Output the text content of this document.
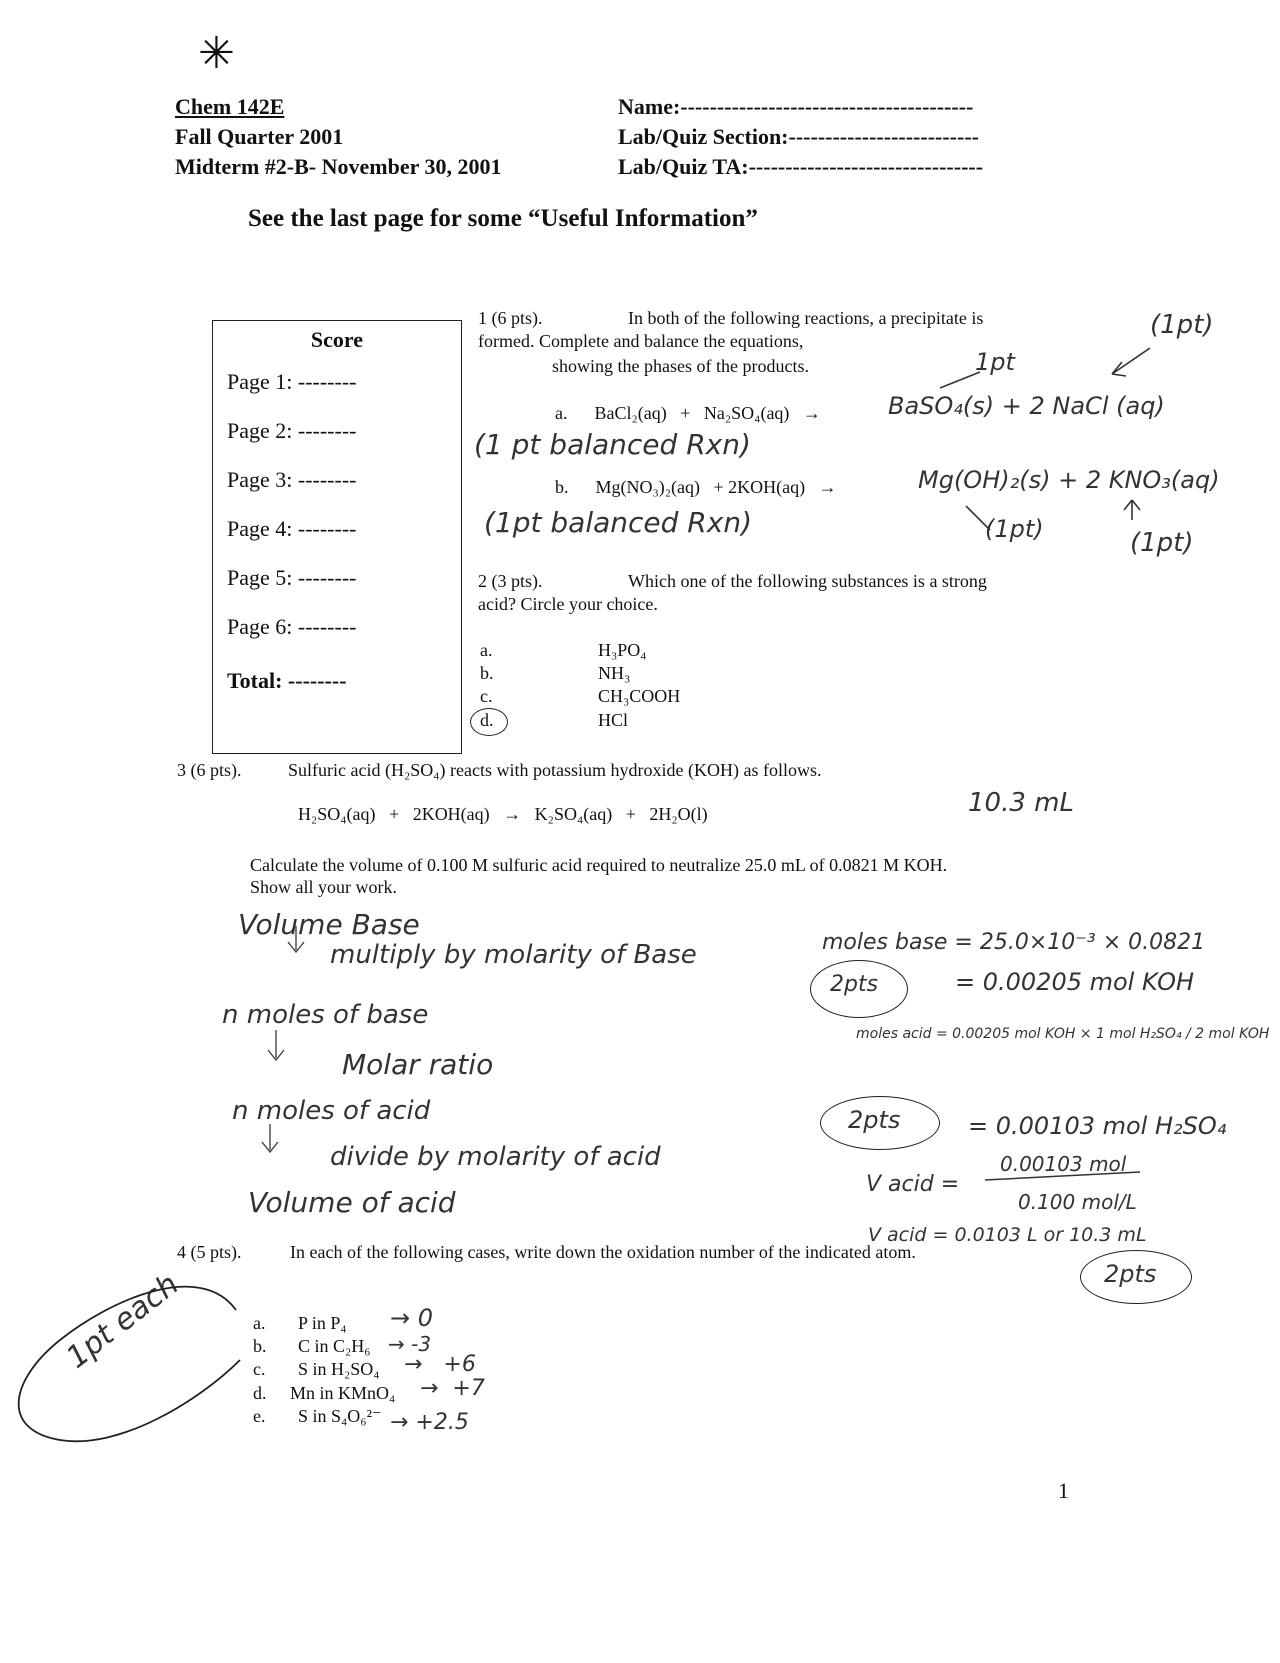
✳
Chem 142E
Fall Quarter 2001
Midterm #2-B- November 30, 2001
Name:----------------------------------------
Lab/Quiz Section:--------------------------
Lab/Quiz TA:--------------------------------
See the last page for some “Useful Information”
Score
Page 1: --------
Page 2: --------
Page 3: --------
Page 4: --------
Page 5: --------
Page 6: --------
Total: --------
1 (6 pts).	In both of the following reactions, a precipitate is
formed. Complete and balance the equations,
showing the phases of the products.
a.      BaCl₂(aq)   +   Na₂SO₄(aq)   →
b.      Mg(NO₃)₂(aq)   + 2KOH(aq)   →
BaSO₄(s) + 2 NaCl (aq)
Mg(OH)₂(s) + 2 KNO₃(aq)
(1 pt balanced Rxn)
(1pt balanced Rxn)
1pt
(1pt)
(1pt)	(1pt)
2 (3 pts).	Which one of the following substances is a strong
acid? Circle your choice.
a.	H₃PO₄
b.	NH₃
c.	CH₃COOH
d.	HCl
3 (6 pts).	Sulfuric acid (H₂SO₄) reacts with potassium hydroxide (KOH) as follows.
H₂SO₄(aq)   +   2KOH(aq)   →   K₂SO₄(aq)   +   2H₂O(l)	10.3 mL
Calculate the volume of 0.100 M sulfuric acid required to neutralize 25.0 mL of 0.0821 M KOH.
Show all your work.
Volume Base
multiply by molarity of Base
n moles of base
Molar ratio
n moles of acid
divide by molarity of acid
Volume of acid
moles base = 25.0×10⁻³ × 0.0821
= 0.00205 mol KOH
moles acid = 0.00205 mol KOH × 1 mol H₂SO₄ / 2 mol KOH
= 0.00103 mol H₂SO₄
0.00103 mol
V acid =
0.100 mol/L
V acid = 0.0103 L or 10.3 mL
2pts
2pts
2pts
4 (5 pts).	In each of the following cases, write down the oxidation number of the indicated atom.
a. P in P₄ → 0
b. C in C₂H₆ → -3
c. S in H₂SO₄ →   +6
d. Mn in KMnO₄ →  +7
e. S in S₄O₆²⁻ → +2.5
1pt each
1
